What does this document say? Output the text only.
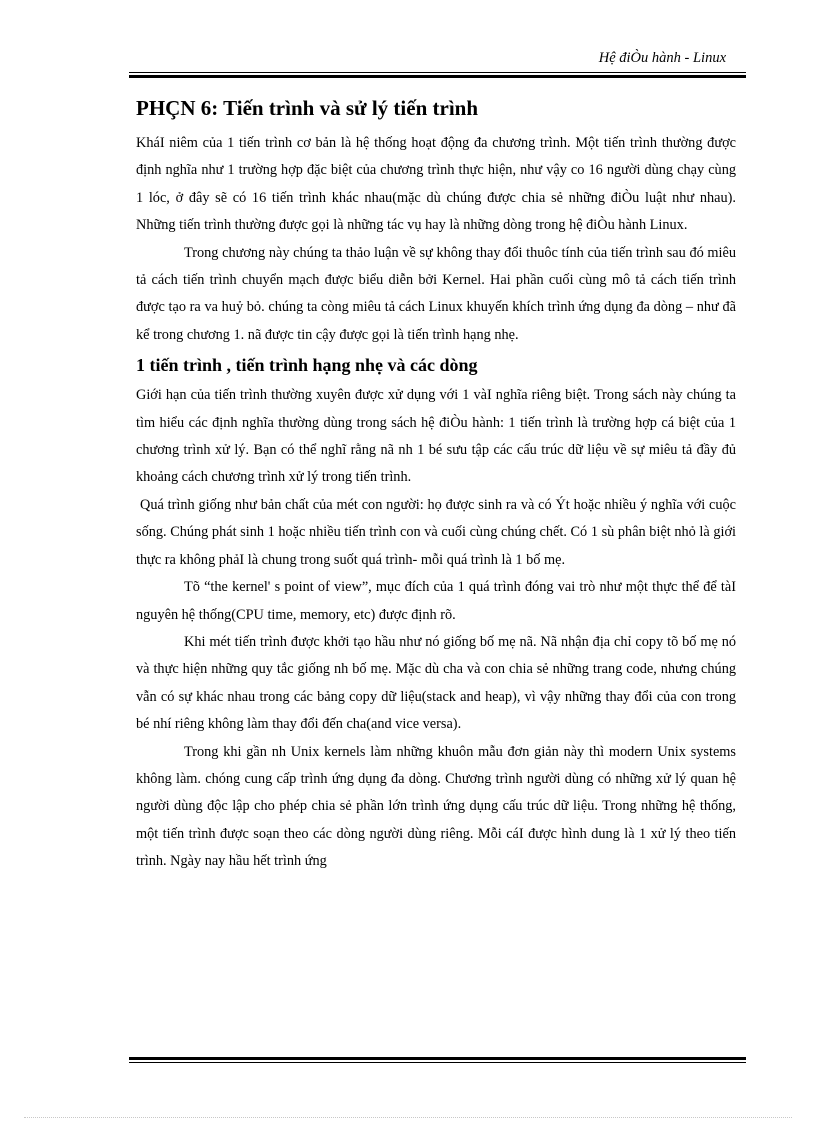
Hệ điÒu hành - Linux
PHÇN 6: Tiến trình và sử lý tiến trình

KháI niêm của 1 tiến trình cơ bản là hệ thống hoạt động đa chương trình. Một tiến trình thường được định nghĩa như 1 trường hợp đặc biệt của chương trình thực hiện, như vậy co 16 người dùng chạy cùng 1 lóc, ở đây sẽ có 16 tiến trình khác nhau(mặc dù chúng được chia sẻ những điÒu luật như nhau). Những tiến trình thường được gọi là những tác vụ hay là những dòng trong hệ điÒu hành Linux.

Trong chương này chúng ta thảo luận về sự không thay đổi thuôc tính của tiến trình sau đó miêu tả cách tiến trình chuyển mạch được biểu diễn bởi Kernel. Hai phần cuối cùng mô tả cách tiến trình được tạo ra va huỷ bỏ. chúng ta còng miêu tả cách Linux khuyến khích trình ứng dụng đa dòng – như đã kể trong chương 1. nã được tin cậy được gọi là tiến trình hạng nhẹ.

1 tiến trình , tiến trình hạng nhẹ và các dòng

Giới hạn của tiến trình thường xuyên được xử dụng với 1 vàI nghĩa riêng biệt. Trong sách này chúng ta tìm hiểu các định nghĩa thường dùng trong sách hệ điÒu hành: 1 tiến trình là trường hợp cá biệt của 1 chương trình xử lý. Bạn có thể nghĩ rằng nã nh 1 bé sưu tập các cấu trúc dữ liệu về sự miêu tả đầy đủ khoảng cách chương trình xử lý trong tiến trình.

Quá trình giống như bản chất của mét con người: họ được sinh ra và có Ýt hoặc nhiều ý nghĩa với cuộc sống. Chúng phát sinh 1 hoặc nhiều tiến trình con và cuối cùng chúng chết. Có 1 sù phân biệt nhỏ là giới thực ra không phảI là chung trong suốt quá trình- mỗi quá trình là 1 bố mẹ.

Tõ “the kernel' s point of view”, mục đích của 1 quá trình đóng vai trò như một thực thể để tàI nguyên hệ thống(CPU time, memory, etc) được định rõ.

Khi mét tiến trình được khởi tạo hầu như nó giống bố mẹ nã. Nã nhận địa chỉ copy tõ bố mẹ nó và thực hiện những quy tắc giống nh bố mẹ. Mặc dù cha và con chia sẻ những trang code, nhưng chúng vẫn có sự khác nhau trong các bảng copy dữ liệu(stack and heap), vì vậy những thay đổi của con trong bé nhí riêng không làm thay đổi đến cha(and vice versa).

Trong khi gần nh Unix kernels làm những khuôn mẫu đơn giản này thì modern Unix systems không làm. chóng cung cấp trình ứng dụng đa dòng. Chương trình người dùng có những xử lý quan hệ người dùng độc lập cho phép chia sẻ phần lớn trình ứng dụng cấu trúc dữ liệu. Trong những hệ thống, một tiến trình được soạn theo các dòng người dùng riêng. Mỗi cáI được hình dung là 1 xử lý theo tiến trình. Ngày nay hầu hết trình ứng
